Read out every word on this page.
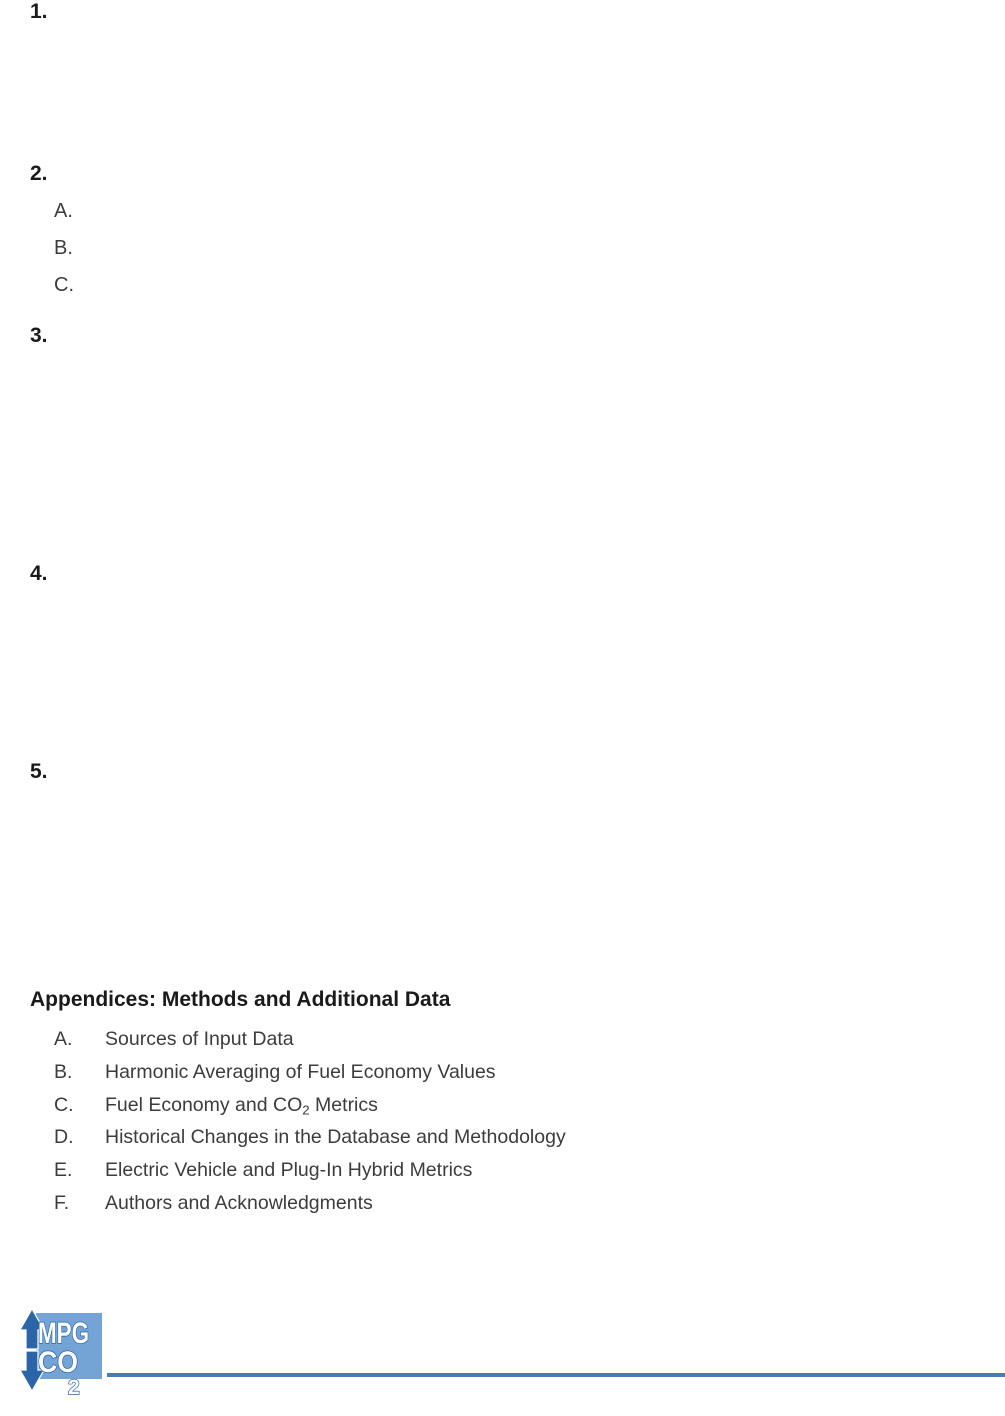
1.
2.
A.
B.
C.
3.
4.
5.
Appendices: Methods and Additional Data
A.	Sources of Input Data
B.	Harmonic Averaging of Fuel Economy Values
C.	Fuel Economy and CO2 Metrics
D.	Historical Changes in the Database and Methodology
E.	Electric Vehicle and Plug-In Hybrid Metrics
F.	Authors and Acknowledgments
MPG
CO
2
